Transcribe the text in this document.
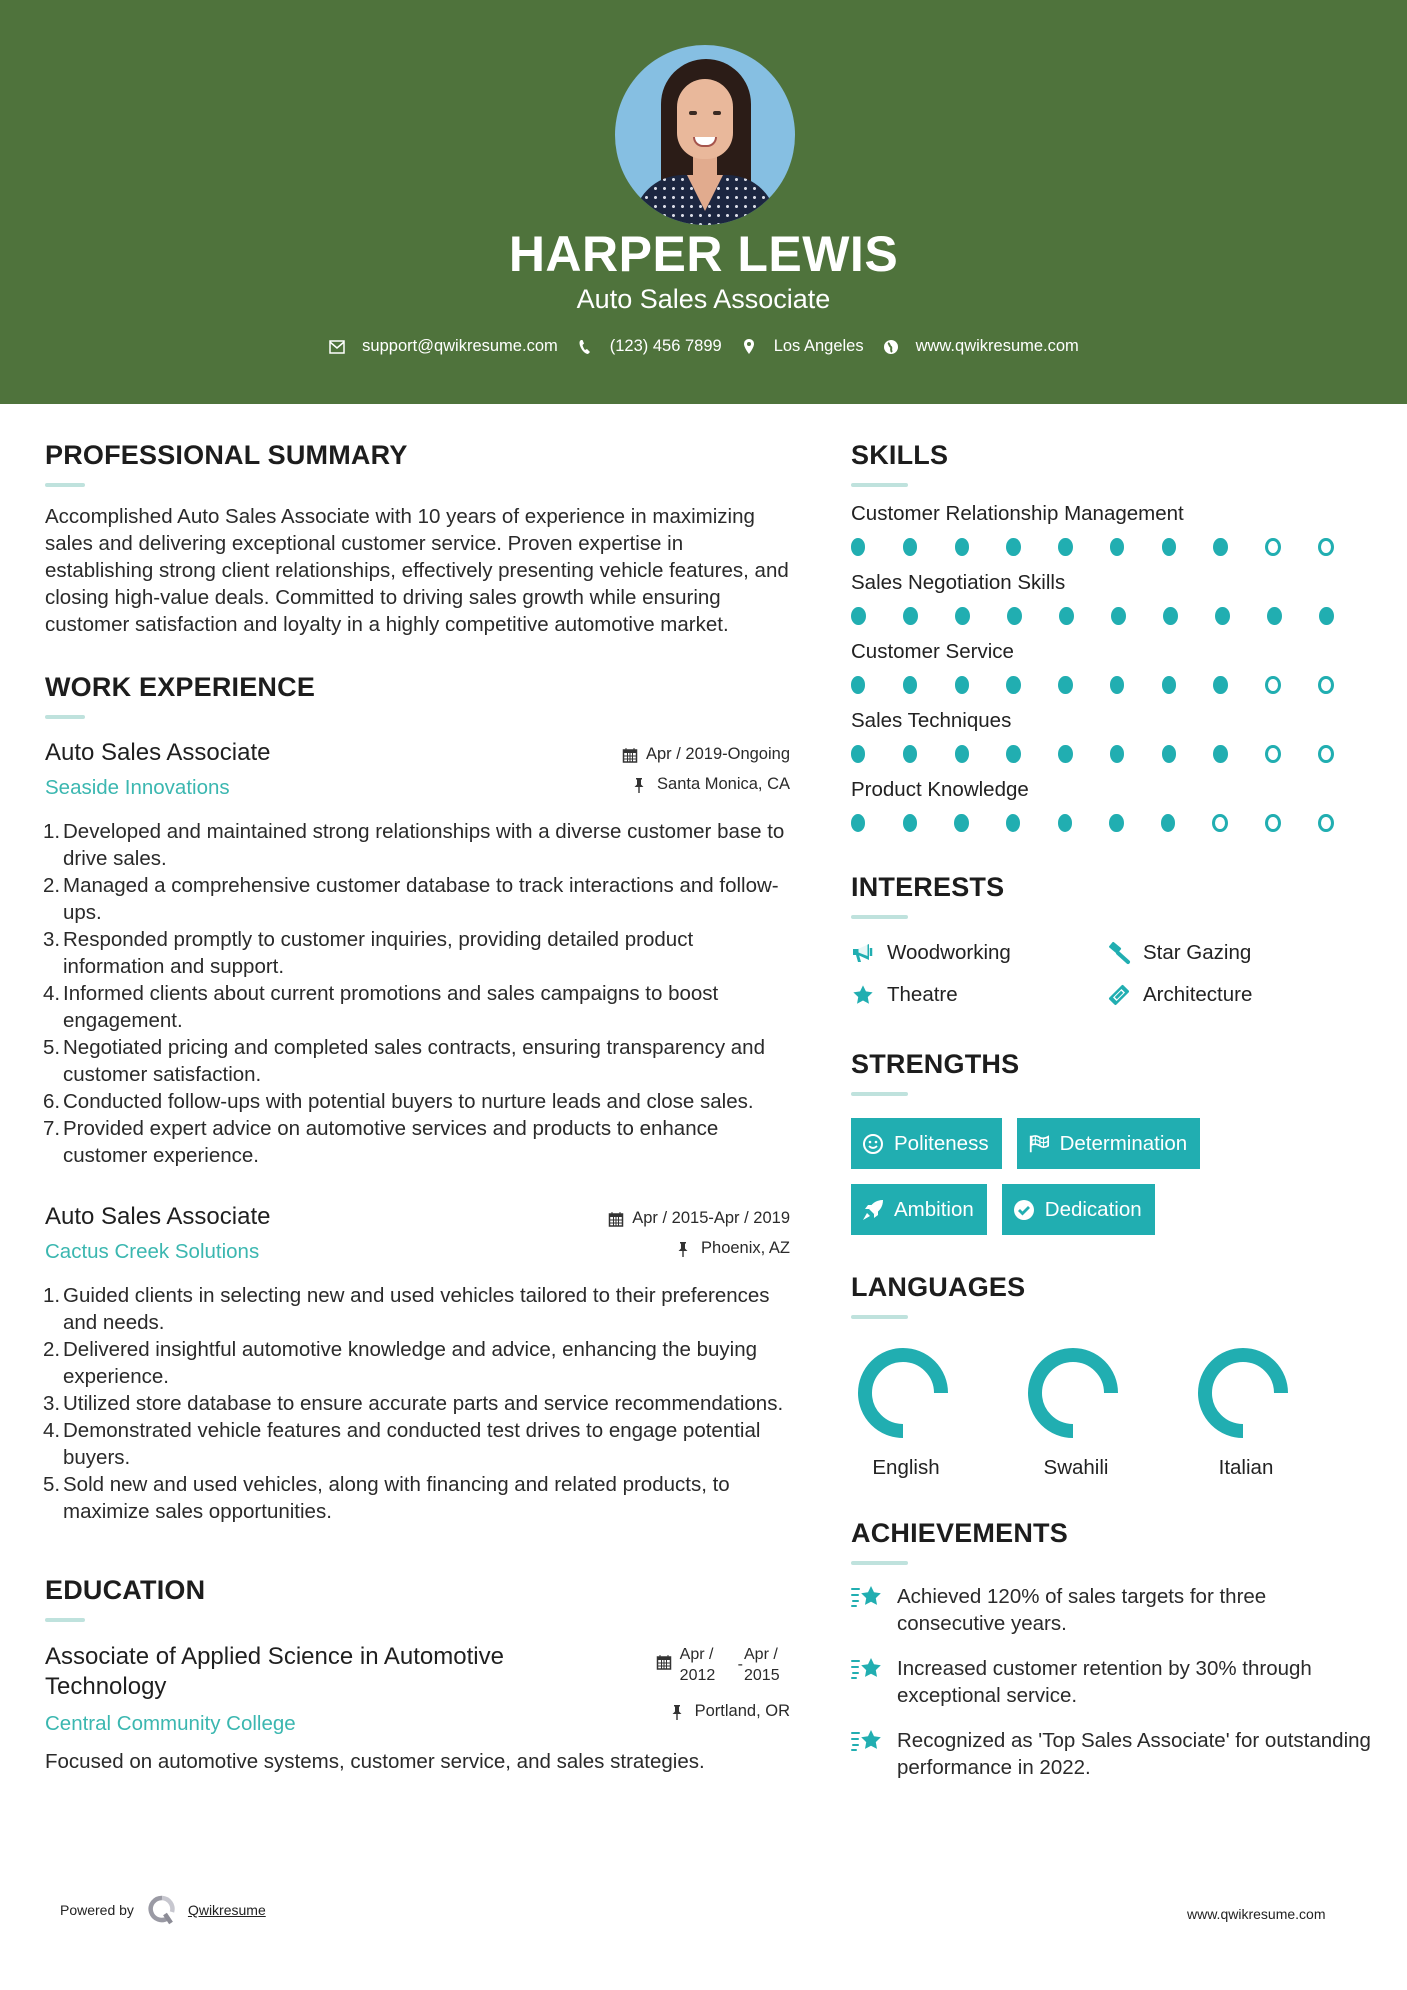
HARPER LEWIS
Auto Sales Associate
support@qwikresume.com	(123) 456 7899	Los Angeles	www.qwikresume.com
PROFESSIONAL SUMMARY

Accomplished Auto Sales Associate with 10 years of experience in maximizing sales and delivering exceptional customer service. Proven expertise in establishing strong client relationships, effectively presenting vehicle features, and closing high-value deals. Committed to driving sales growth while ensuring customer satisfaction and loyalty in a highly competitive automotive market.

WORK EXPERIENCE
Auto Sales Associate
Seaside Innovations
Apr / 2019-Ongoing
Santa Monica, CA
1. Developed and maintained strong relationships with a diverse customer base to drive sales.
2. Managed a comprehensive customer database to track interactions and follow-ups.
3. Responded promptly to customer inquiries, providing detailed product information and support.
4. Informed clients about current promotions and sales campaigns to boost engagement.
5. Negotiated pricing and completed sales contracts, ensuring transparency and customer satisfaction.
6. Conducted follow-ups with potential buyers to nurture leads and close sales.
7. Provided expert advice on automotive services and products to enhance customer experience.
Auto Sales Associate
Cactus Creek Solutions
Apr / 2015-Apr / 2019
Phoenix, AZ
1. Guided clients in selecting new and used vehicles tailored to their preferences and needs.
2. Delivered insightful automotive knowledge and advice, enhancing the buying experience.
3. Utilized store database to ensure accurate parts and service recommendations.
4. Demonstrated vehicle features and conducted test drives to engage potential buyers.
5. Sold new and used vehicles, along with financing and related products, to maximize sales opportunities.
EDUCATION
Associate of Applied Science in Automotive Technology
Central Community College
Apr /
2012
-
Apr /
2015
Portland, OR

Focused on automotive systems, customer service, and sales strategies.

SKILLS
Customer Relationship Management
Sales Negotiation Skills
Customer Service
Sales Techniques
Product Knowledge
INTERESTS
Woodworking	Star Gazing
Theatre	Architecture
STRENGTHS
Politeness	Determination
Ambition	Dedication
LANGUAGES
English	Swahili	Italian
ACHIEVEMENTS
Achieved 120% of sales targets for three consecutive years.
Increased customer retention by 30% through exceptional service.
Recognized as 'Top Sales Associate' for outstanding performance in 2022.
Powered by	Qwikresume	www.qwikresume.com
